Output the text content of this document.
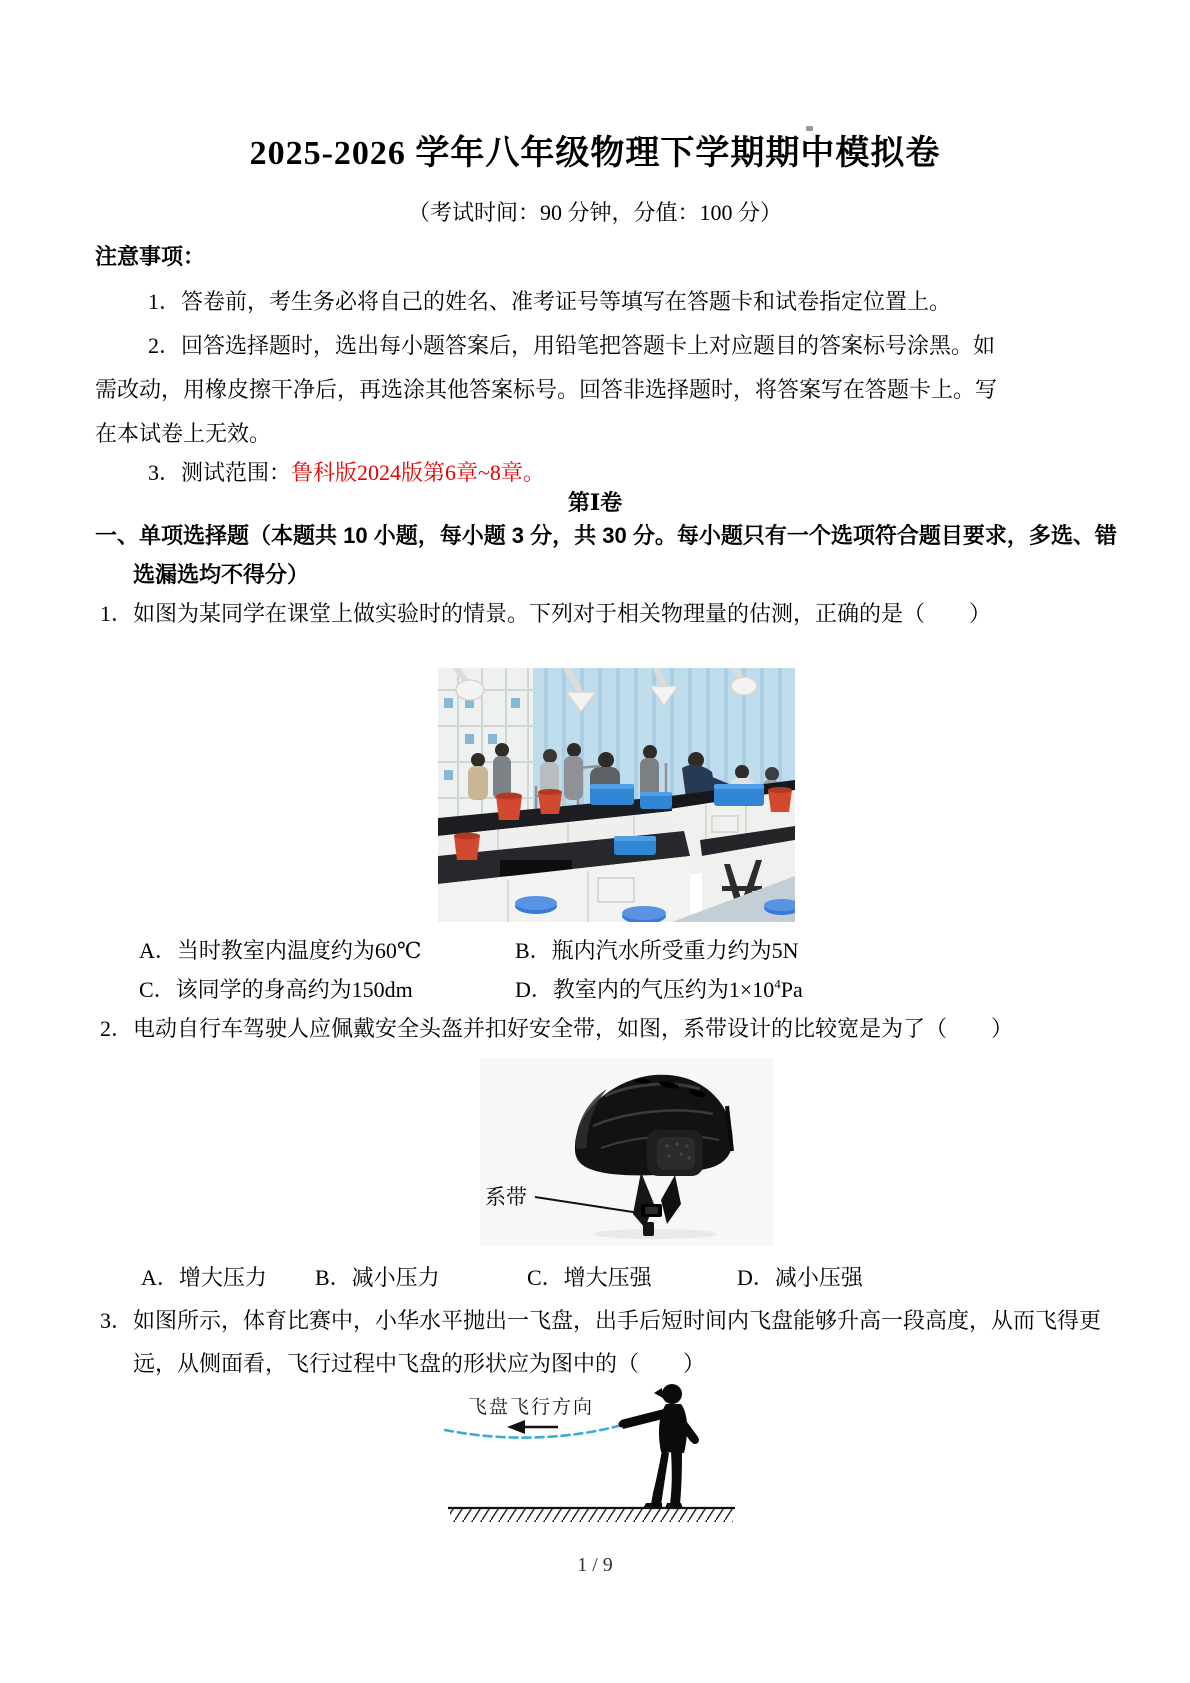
2025-2026 学年八年级物理下学期期中模拟卷
（考试时间：90 分钟，分值：100 分）
注意事项：
1．答卷前，考生务必将自己的姓名、准考证号等填写在答题卡和试卷指定位置上。
2．回答选择题时，选出每小题答案后，用铅笔把答题卡上对应题目的答案标号涂黑。如
需改动，用橡皮擦干净后，再选涂其他答案标号。回答非选择题时，将答案写在答题卡上。写
在本试卷上无效。
3．测试范围：鲁科版2024版第6章~8章。
第Ⅰ卷
一、单项选择题（本题共 10 小题，每小题 3 分，共 30 分。每小题只有一个选项符合题目要求，多选、错
选漏选均不得分）
1．如图为某同学在课堂上做实验时的情景。下列对于相关物理量的估测，正确的是（　　）
A．当时教室内温度约为60℃	B．瓶内汽水所受重力约为5N
C．该同学的身高约为150dm	D．教室内的气压约为$1\times 10^4Pa$
2．电动自行车驾驶人应佩戴安全头盔并扣好安全带，如图，系带设计的比较宽是为了（　　）
系带
A．增大压力 B．减小压力	C．增大压强	D．减小压强
3．如图所示，体育比赛中，小华水平抛出一飞盘，出手后短时间内飞盘能够升高一段高度，从而飞得更
远，从侧面看，飞行过程中飞盘的形状应为图中的（　　）
飞盘飞行方向
1 / 9
